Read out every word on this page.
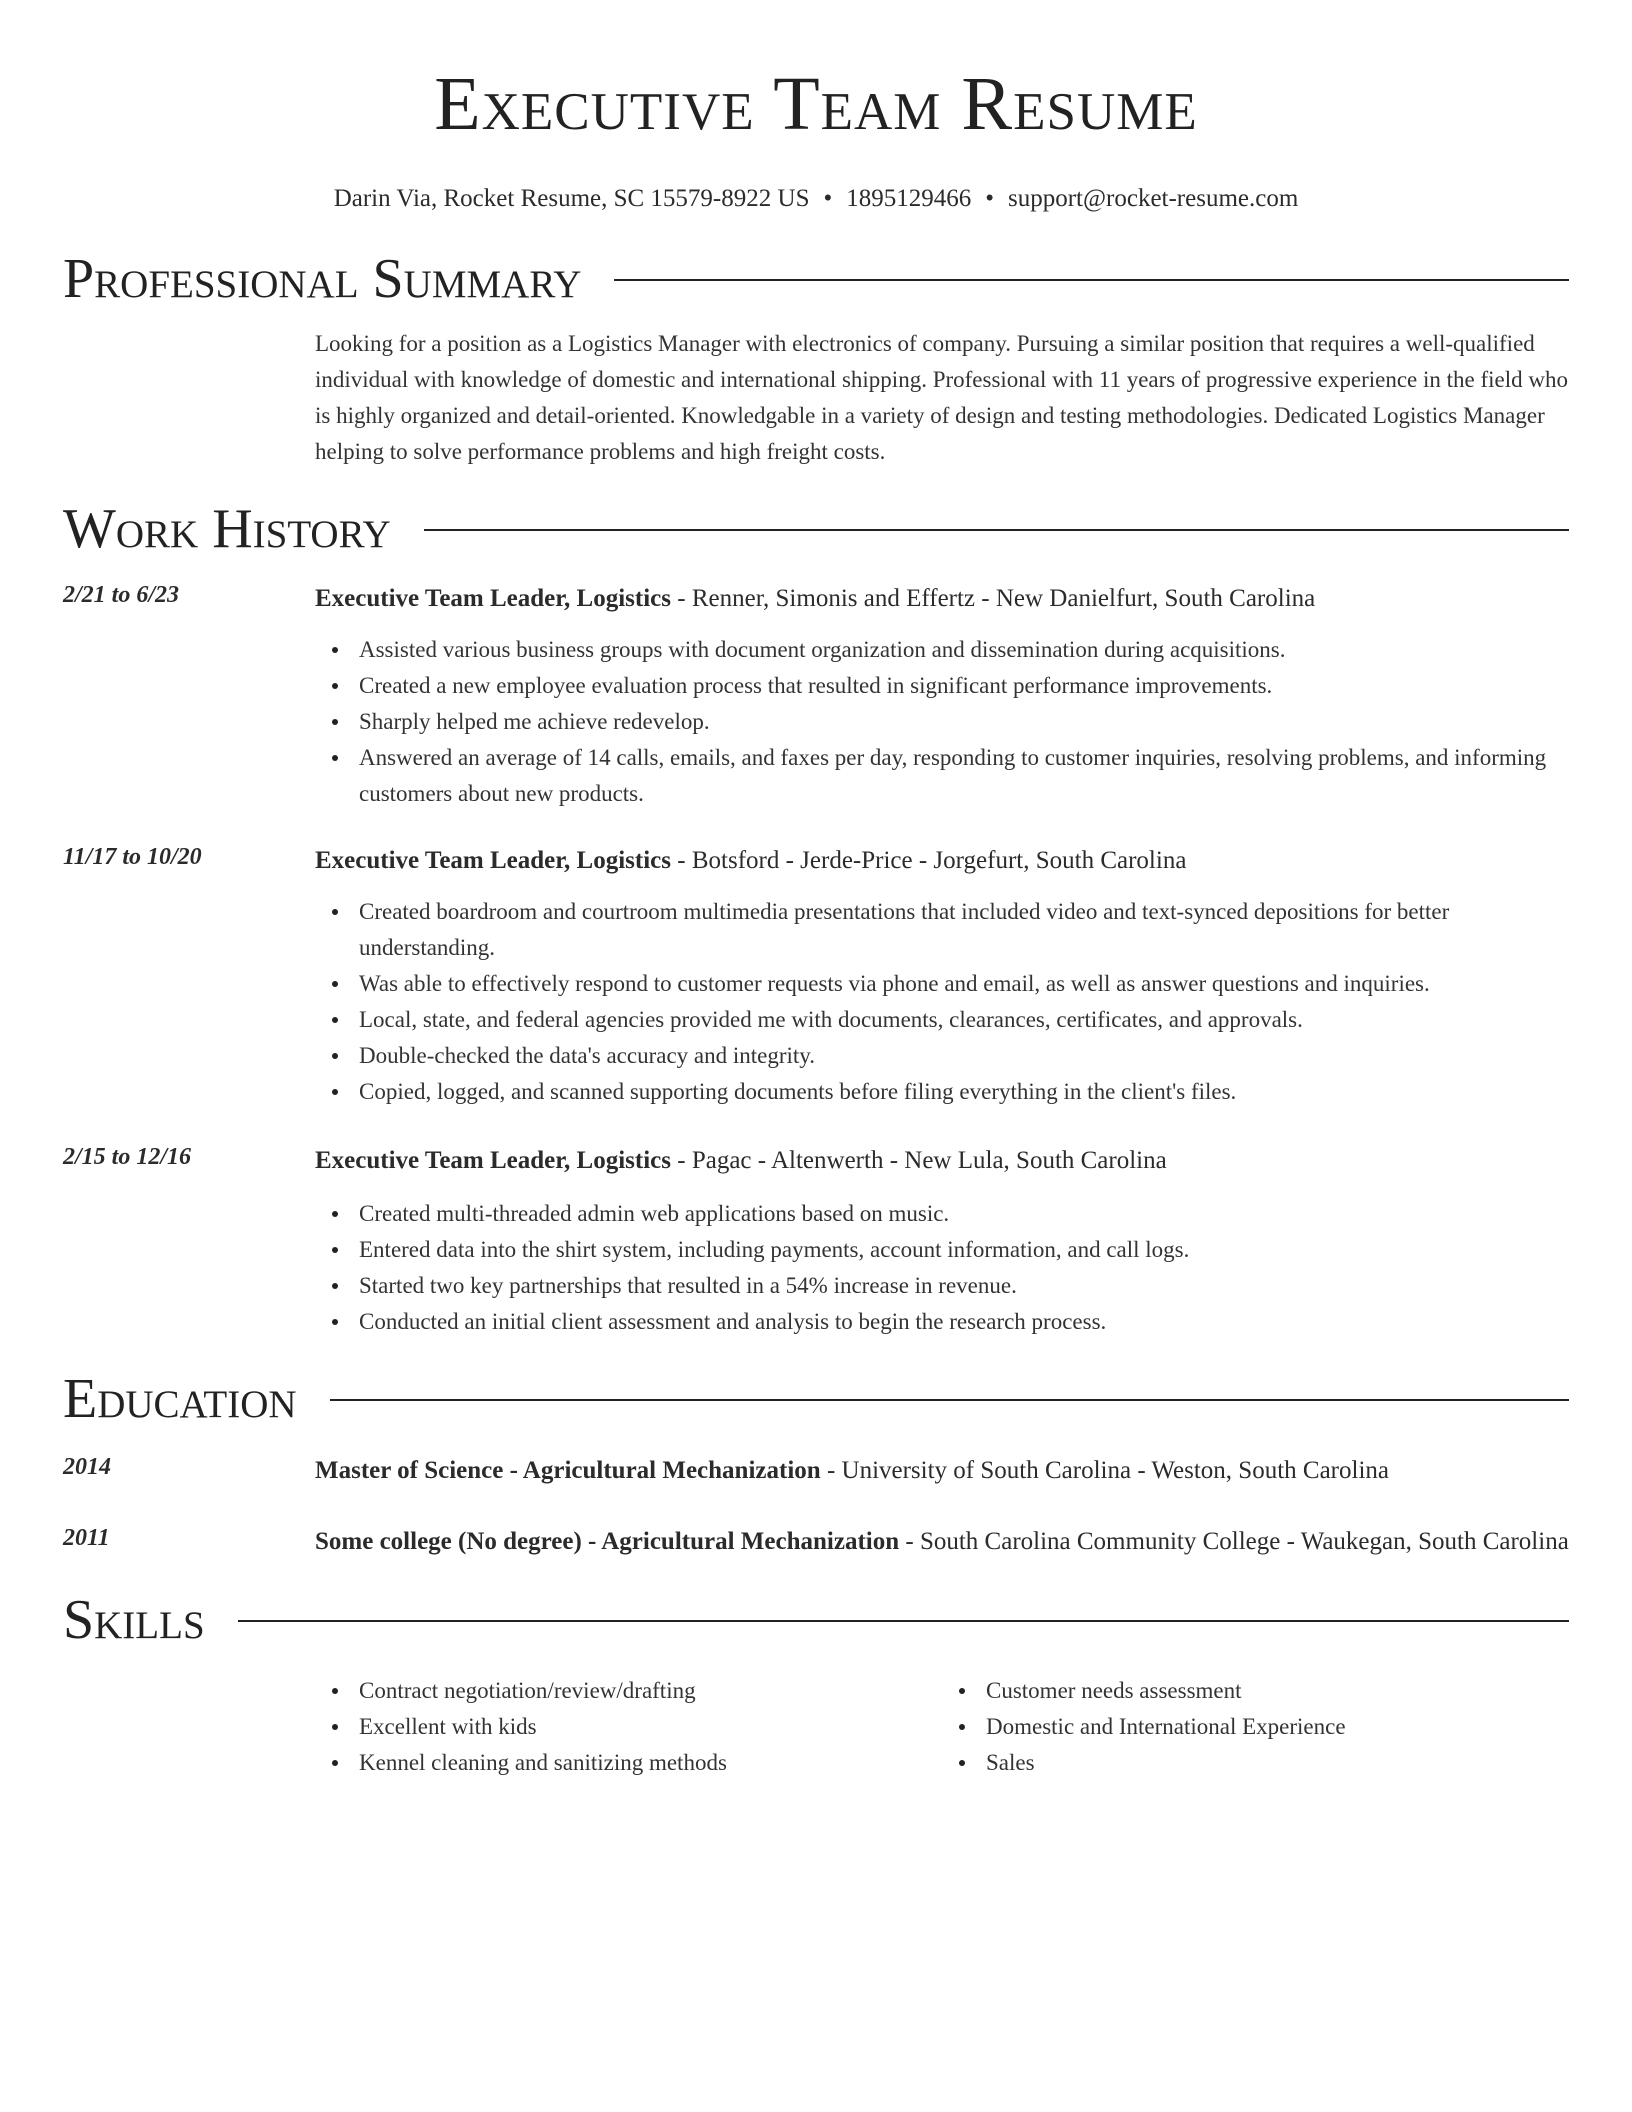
Executive Team Resume
Darin Via, Rocket Resume, SC 15579-8922 US • 1895129466 • support@rocket-resume.com
Professional Summary

Looking for a position as a Logistics Manager with electronics of company. Pursuing a similar position that requires a well-qualified individual with knowledge of domestic and international shipping. Professional with 11 years of progressive experience in the field who is highly organized and detail-oriented. Knowledgable in a variety of design and testing methodologies. Dedicated Logistics Manager helping to solve performance problems and high freight costs.

Work History
2/21 to 6/23	Executive Team Leader, Logistics - Renner, Simonis and Effertz - New Danielfurt, South Carolina
Assisted various business groups with document organization and dissemination during acquisitions.
Created a new employee evaluation process that resulted in significant performance improvements.
Sharply helped me achieve redevelop.
Answered an average of 14 calls, emails, and faxes per day, responding to customer inquiries, resolving problems, and informing customers about new products.
11/17 to 10/20	Executive Team Leader, Logistics - Botsford - Jerde-Price - Jorgefurt, South Carolina
Created boardroom and courtroom multimedia presentations that included video and text-synced depositions for better understanding.
Was able to effectively respond to customer requests via phone and email, as well as answer questions and inquiries.
Local, state, and federal agencies provided me with documents, clearances, certificates, and approvals.
Double-checked the data's accuracy and integrity.
Copied, logged, and scanned supporting documents before filing everything in the client's files.
2/15 to 12/16	Executive Team Leader, Logistics - Pagac - Altenwerth - New Lula, South Carolina
Created multi-threaded admin web applications based on music.
Entered data into the shirt system, including payments, account information, and call logs.
Started two key partnerships that resulted in a 54% increase in revenue.
Conducted an initial client assessment and analysis to begin the research process.
Education
2014	Master of Science - Agricultural Mechanization - University of South Carolina - Weston, South Carolina
2011	Some college (No degree) - Agricultural Mechanization - South Carolina Community College - Waukegan, South Carolina
Skills
Contract negotiation/review/drafting
Excellent with kids
Kennel cleaning and sanitizing methods
Customer needs assessment
Domestic and International Experience
Sales
